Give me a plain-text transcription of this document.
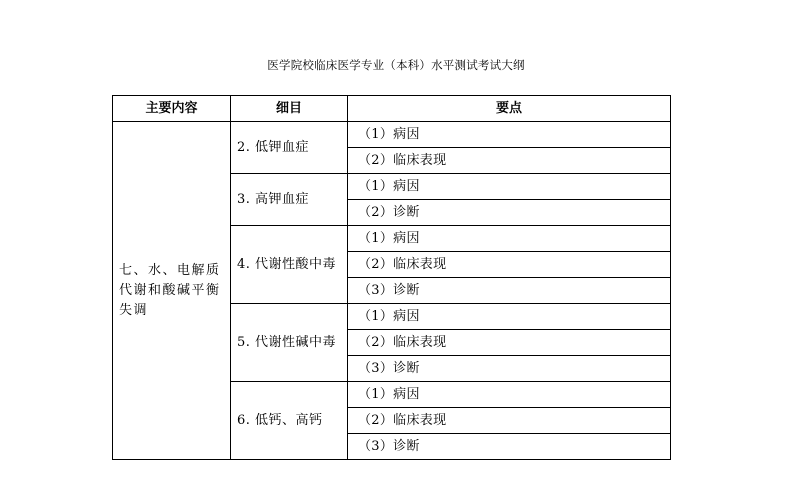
医学院校临床医学专业（本科）水平测试考试大纲
主要内容	细目	要点
七、水、电解质代谢和酸碱平衡失调	2. 低钾血症	（1）病因
		（2）临床表现
	3. 高钾血症	（1）病因
		（2）诊断
	4. 代谢性酸中毒	（1）病因
		（2）临床表现
		（3）诊断
	5. 代谢性碱中毒	（1）病因
		（2）临床表现
		（3）诊断
	6. 低钙、高钙	（1）病因
		（2）临床表现
		（3）诊断
